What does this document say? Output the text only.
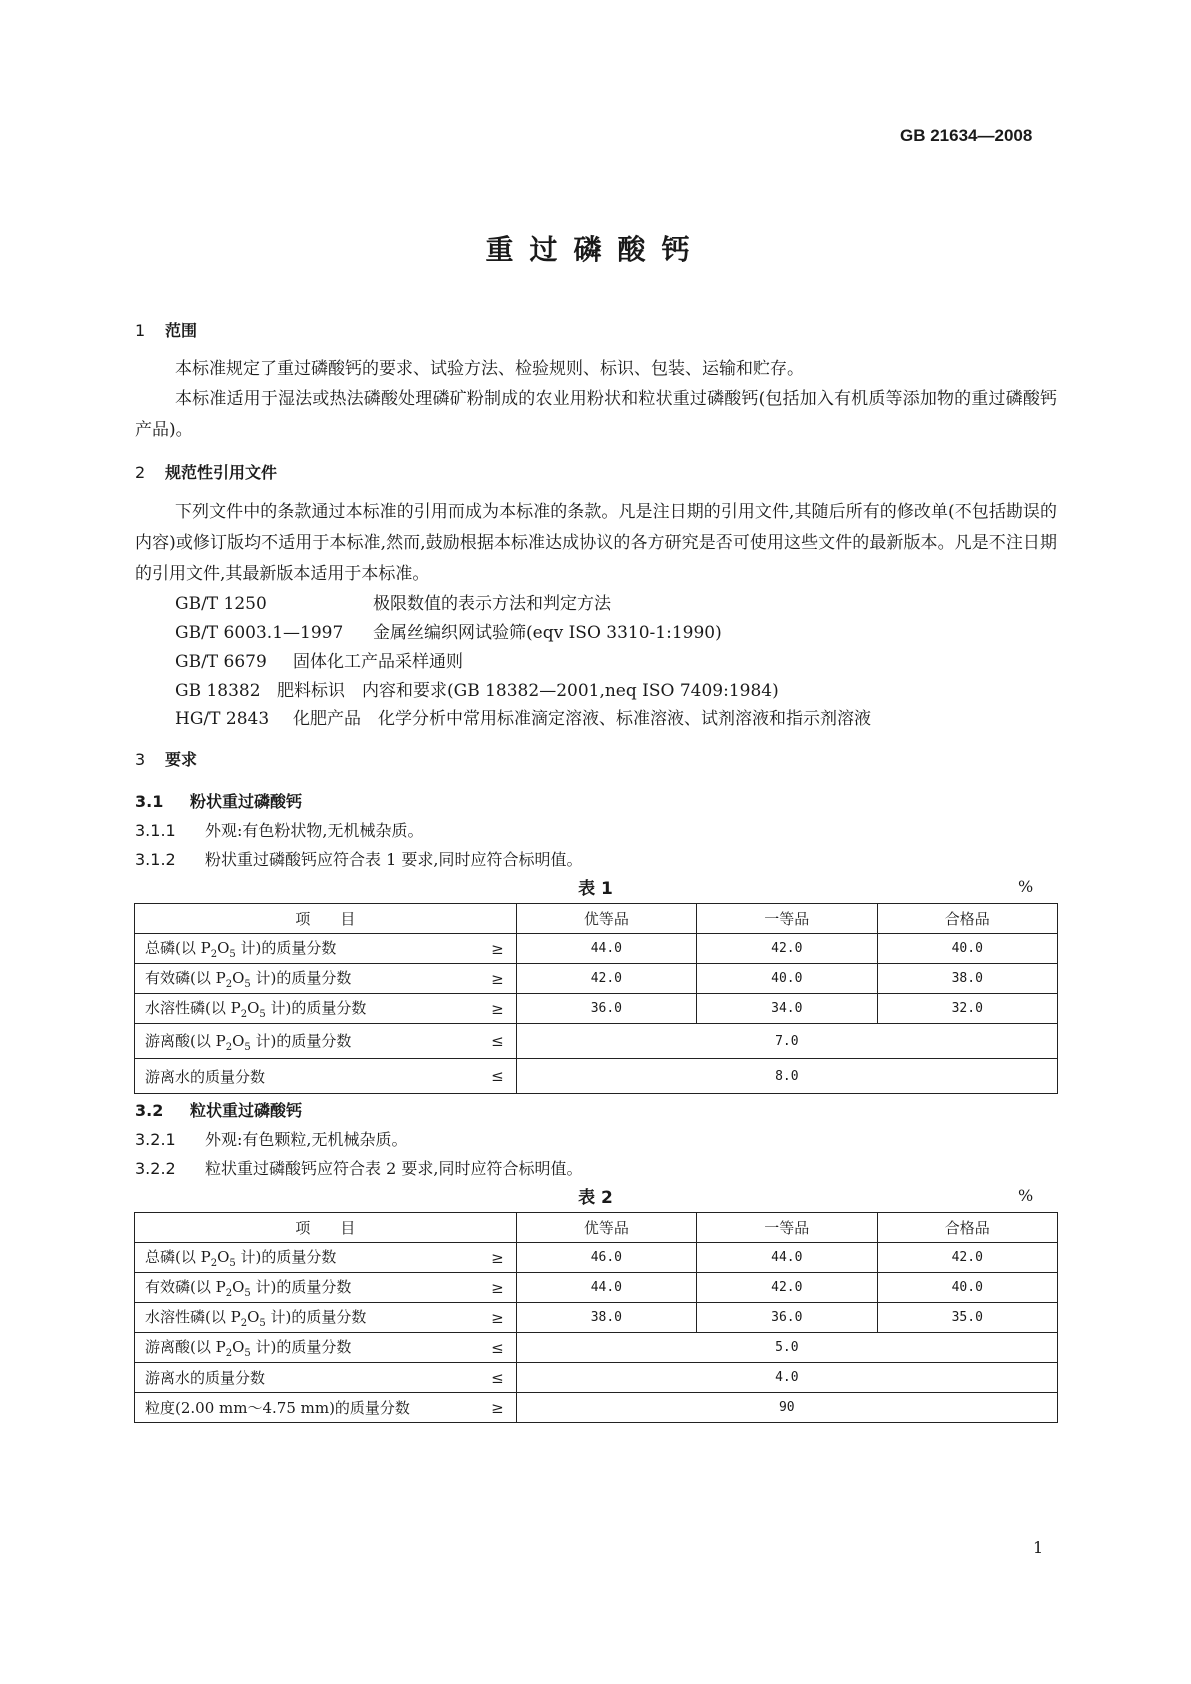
GB 21634—2008
重过磷酸钙
1 范围
本标准规定了重过磷酸钙的要求、试验方法、检验规则、标识、包装、运输和贮存。
本标准适用于湿法或热法磷酸处理磷矿粉制成的农业用粉状和粒状重过磷酸钙(包括加入有机质等添加物的重过磷酸钙产品)。
2 规范性引用文件
下列文件中的条款通过本标准的引用而成为本标准的条款。凡是注日期的引用文件,其随后所有的修改单(不包括勘误的内容)或修订版均不适用于本标准,然而,鼓励根据本标准达成协议的各方研究是否可使用这些文件的最新版本。凡是不注日期的引用文件,其最新版本适用于本标准。
GB/T 1250	极限数值的表示方法和判定方法
GB/T 6003.1—1997 金属丝编织网试验筛(eqv ISO 3310-1:1990)
GB/T 6679 固体化工产品采样通则
GB 18382 肥料标识　内容和要求(GB 18382—2001,neq ISO 7409:1984)
HG/T 2843 化肥产品　化学分析中常用标准滴定溶液、标准溶液、试剂溶液和指示剂溶液
3 要求
3.1 粉状重过磷酸钙
3.1.1 外观:有色粉状物,无机械杂质。
3.1.2 粉状重过磷酸钙应符合表 1 要求,同时应符合标明值。
表 1	%
项　　目	优等品	一等品	合格品
总磷(以 $P_2O_5$ 计)的质量分数 ≥	44.0	42.0	40.0
有效磷(以 $P_2O_5$ 计)的质量分数 ≥	42.0	40.0	38.0
水溶性磷(以 $P_2O_5$ 计)的质量分数 ≥	36.0	34.0	32.0
游离酸(以 $P_2O_5$ 计)的质量分数 ≤	7.0		
游离水的质量分数 ≤	8.0		
3.2 粒状重过磷酸钙
3.2.1 外观:有色颗粒,无机械杂质。
3.2.2 粒状重过磷酸钙应符合表 2 要求,同时应符合标明值。
表 2	%
项　　目	优等品	一等品	合格品
总磷(以 $P_2O_5$ 计)的质量分数 ≥	46.0	44.0	42.0
有效磷(以 $P_2O_5$ 计)的质量分数 ≥	44.0	42.0	40.0
水溶性磷(以 $P_2O_5$ 计)的质量分数 ≥	38.0	36.0	35.0
游离酸(以 $P_2O_5$ 计)的质量分数 ≤	5.0		
游离水的质量分数 ≤	4.0		
粒度(2.00 mm～4.75 mm)的质量分数 ≥	90		
1
